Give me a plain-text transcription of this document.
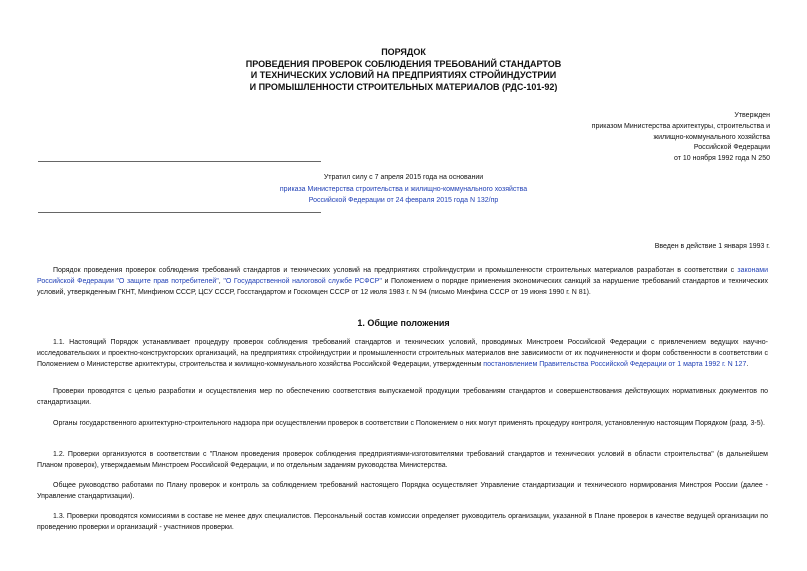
ПОРЯДОК
ПРОВЕДЕНИЯ ПРОВЕРОК СОБЛЮДЕНИЯ ТРЕБОВАНИЙ СТАНДАРТОВ
И ТЕХНИЧЕСКИХ УСЛОВИЙ НА ПРЕДПРИЯТИЯХ СТРОЙИНДУСТРИИ
И ПРОМЫШЛЕННОСТИ СТРОИТЕЛЬНЫХ МАТЕРИАЛОВ (РДС-101-92)
Утвержден
приказом Министерства архитектуры, строительства и
жилищно-коммунального хозяйства
Российской Федерации
от 10 ноября 1992 года N 250
Утратил силу с 7 апреля 2015 года на основании
приказа Министерства строительства и жилищно-коммунального хозяйства
Российской Федерации от 24 февраля 2015 года N 132/пр
Введен в действие 1 января 1993 г.
Порядок проведения проверок соблюдения требований стандартов и технических условий на предприятиях стройиндустрии и промышленности строительных материалов разработан в соответствии с законами Российской Федерации "О защите прав потребителей", "О Государственной налоговой службе РСФСР" и Положением о порядке применения экономических санкций за нарушение требований стандартов и технических условий, утвержденным ГКНТ, Минфином СССР, ЦСУ СССР, Госстандартом и Госкомцен СССР от 12 июля 1983 г. N 94 (письмо Минфина СССР от 19 июня 1990 г. N 81).
1. Общие положения
1.1. Настоящий Порядок устанавливает процедуру проверок соблюдения требований стандартов и технических условий, проводимых Минстроем Российской Федерации с привлечением ведущих научно-исследовательских и проектно-конструкторских организаций, на предприятиях стройиндустрии и промышленности строительных материалов вне зависимости от их подчиненности и форм собственности в соответствии с Положением о Министерстве архитектуры, строительства и жилищно-коммунального хозяйства Российской Федерации, утвержденным постановлением Правительства Российской Федерации от 1 марта 1992 г. N 127.
Проверки проводятся с целью разработки и осуществления мер по обеспечению соответствия выпускаемой продукции требованиям стандартов и совершенствования действующих нормативных документов по стандартизации.
Органы государственного архитектурно-строительного надзора при осуществлении проверок в соответствии с Положением о них могут применять процедуру контроля, установленную настоящим Порядком (разд. 3-5).
1.2. Проверки организуются в соответствии с "Планом проведения проверок соблюдения предприятиями-изготовителями требований стандартов и технических условий в области строительства" (в дальнейшем Планом проверок), утверждаемым Минстроем Российской Федерации, и по отдельным заданиям руководства Министерства.
Общее руководство работами по Плану проверок и контроль за соблюдением требований настоящего Порядка осуществляет Управление стандартизации и технического нормирования Минстроя России (далее - Управление стандартизации).
1.3. Проверки проводятся комиссиями в составе не менее двух специалистов. Персональный состав комиссии определяет руководитель организации, указанной в Плане проверок в качестве ведущей организации по проведению проверки и организаций - участников проверки.
